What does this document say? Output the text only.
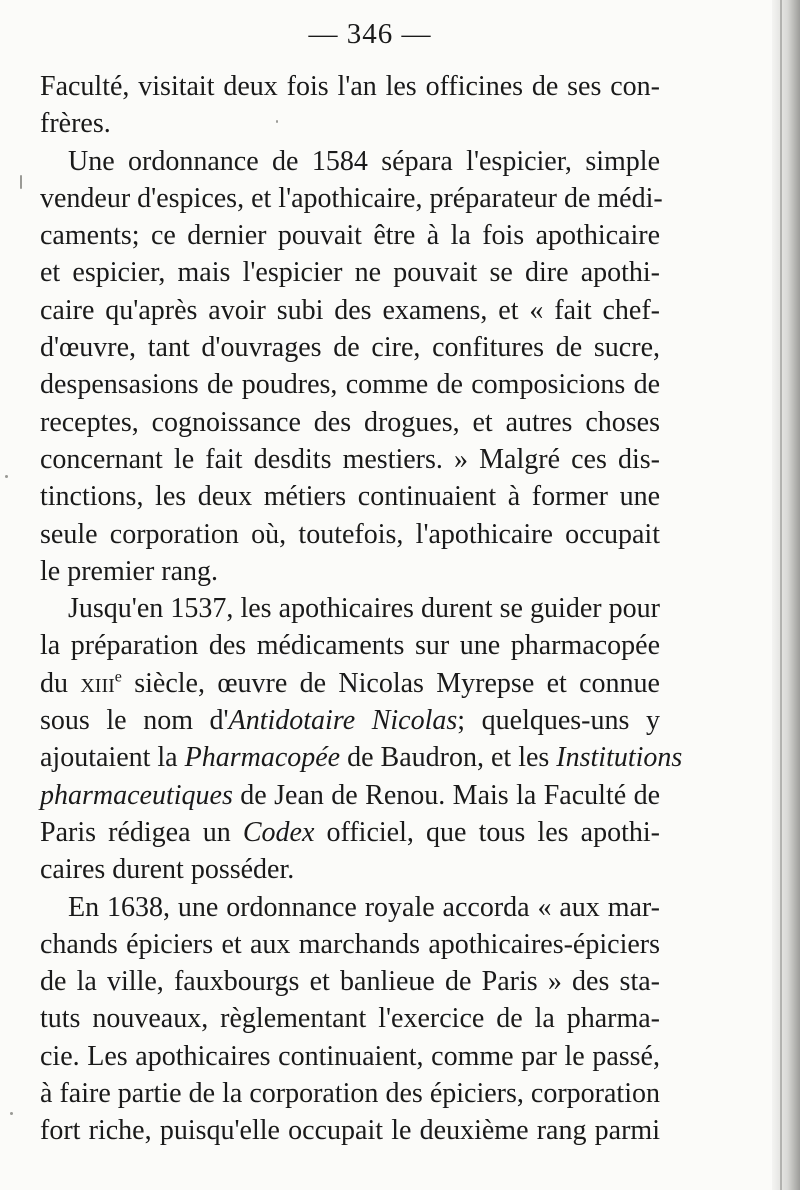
— 346 —
Faculté, visitait deux fois l'an les officines de ses con-
frères.
Une ordonnance de 1584 sépara l'espicier, simple
vendeur d'espices, et l'apothicaire, préparateur de médi-
caments; ce dernier pouvait être à la fois apothicaire
et espicier, mais l'espicier ne pouvait se dire apothi-
caire qu'après avoir subi des examens, et « fait chef-
d'œuvre, tant d'ouvrages de cire, confitures de sucre,
despensasions de poudres, comme de composicions de
receptes, cognoissance des drogues, et autres choses
concernant le fait desdits mestiers. » Malgré ces dis-
tinctions, les deux métiers continuaient à former une
seule corporation où, toutefois, l'apothicaire occupait
le premier rang.
Jusqu'en 1537, les apothicaires durent se guider pour
la préparation des médicaments sur une pharmacopée
du xiii$^e$ siècle, œuvre de Nicolas Myrepse et connue
sous le nom d'Antidotaire Nicolas; quelques-uns y
ajoutaient la Pharmacopée de Baudron, et les Institutions
pharmaceutiques de Jean de Renou. Mais la Faculté de
Paris rédigea un Codex officiel, que tous les apothi-
caires durent posséder.
En 1638, une ordonnance royale accorda « aux mar-
chands épiciers et aux marchands apothicaires-épiciers
de la ville, fauxbourgs et banlieue de Paris » des sta-
tuts nouveaux, règlementant l'exercice de la pharma-
cie. Les apothicaires continuaient, comme par le passé,
à faire partie de la corporation des épiciers, corporation
fort riche, puisqu'elle occupait le deuxième rang parmi
